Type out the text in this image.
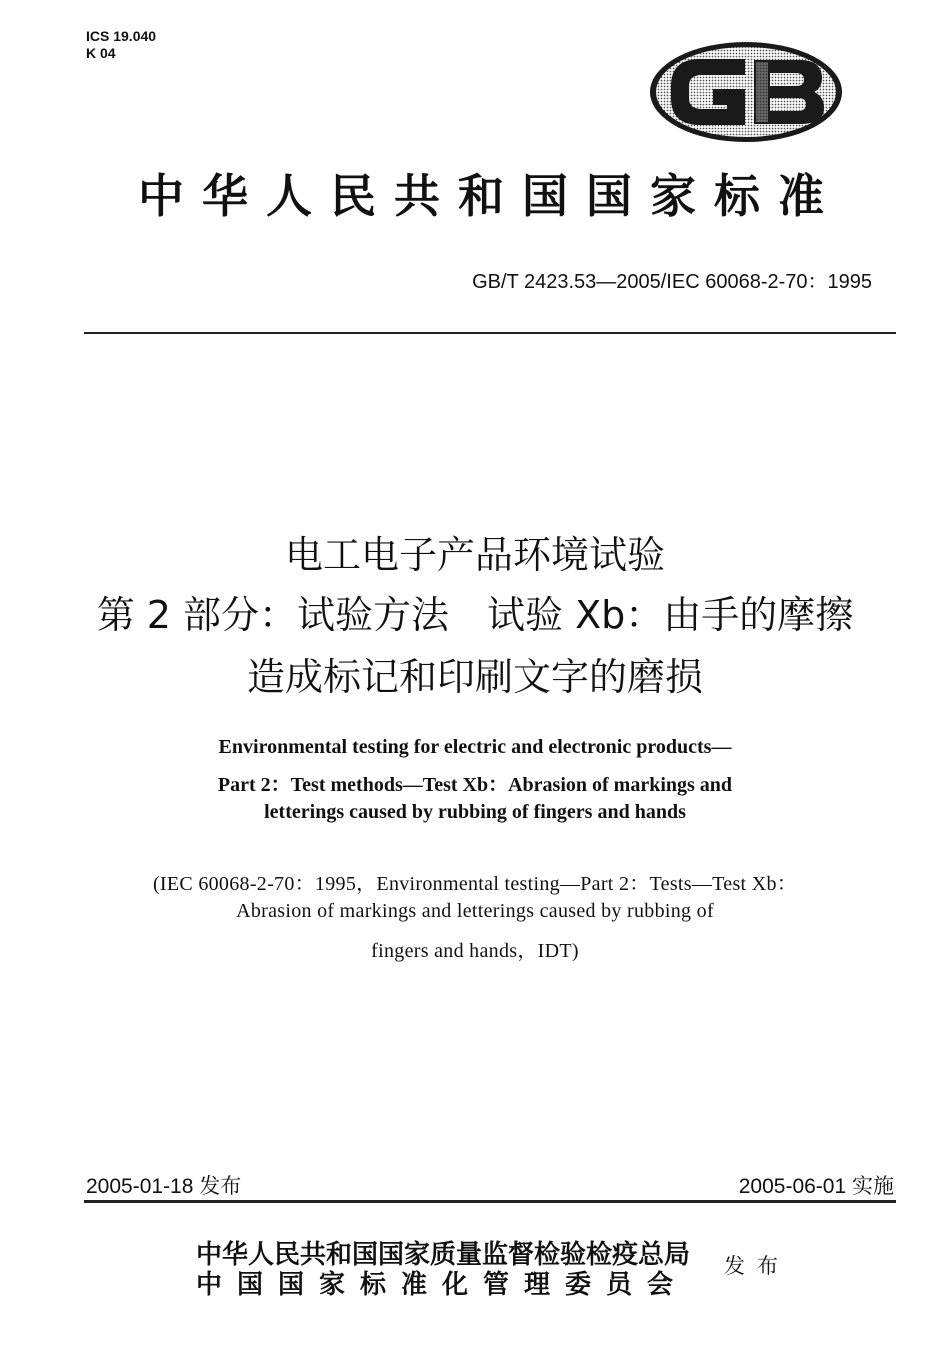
ICS 19.040
K 04
中华人民共和国国家标准
GB/T 2423.53—2005/IEC 60068-2-70：1995
电工电子产品环境试验
第 2 部分：试验方法　试验 Xb：由手的摩擦
造成标记和印刷文字的磨损
Environmental testing for electric and electronic products—
Part 2：Test methods—Test Xb：Abrasion of markings and
letterings caused by rubbing of fingers and hands
(IEC 60068-2-70：1995，Environmental testing—Part 2：Tests—Test Xb：
Abrasion of markings and letterings caused by rubbing of
fingers and hands，IDT)
2005-01-18 发布	2005-06-01 实施
中华人民共和国国家质量监督检验检疫总局
中国国家标准化管理委员会
发布
